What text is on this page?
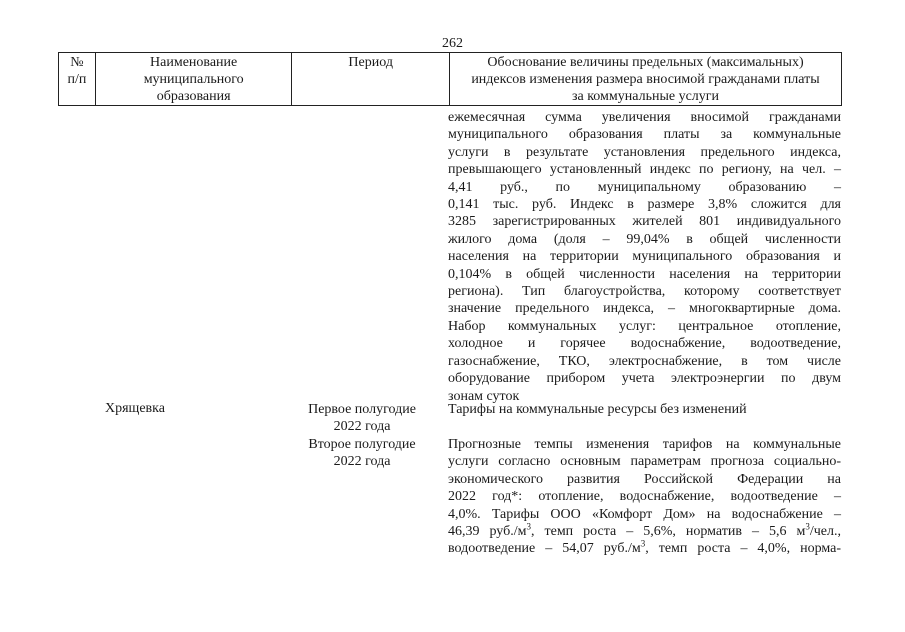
262
№
п/п
Наименование
муниципального
образования
Период	Обоснование величины предельных (максимальных)
индексов изменения размера вносимой гражданами платы
за коммунальные услуги
ежемесячная сумма увеличения вносимой гражданами
муниципального образования платы за коммунальные
услуги в результате установления предельного индекса,
превышающего установленный индекс по региону, на чел. –
4,41 руб., по муниципальному образованию –
0,141 тыс. руб. Индекс в размере 3,8% сложится для
3285 зарегистрированных жителей 801 индивидуального
жилого дома (доля – 99,04% в общей численности
населения на территории муниципального образования и
0,104% в общей численности населения на территории
региона). Тип благоустройства, которому соответствует
значение предельного индекса, – многоквартирные дома.
Набор коммунальных услуг: центральное отопление,
холодное и горячее водоснабжение, водоотведение,
газоснабжение, ТКО, электроснабжение, в том числе
оборудование прибором учета электроэнергии по двум
зонам суток
Хрящевка	Первое полугодие
2022 года
Тарифы на коммунальные ресурсы без изменений
Второе полугодие
2022 года
Прогнозные темпы изменения тарифов на коммунальные
услуги согласно основным параметрам прогноза социально-
экономического развития Российской Федерации на
2022 год*: отопление, водоснабжение, водоотведение –
4,0%. Тарифы ООО «Комфорт Дом» на водоснабжение –
46,39 $руб./м^3$, темп роста – 5,6%, норматив – 5,6 $м^3$/чел.,
водоотведение – 54,07 $руб./м^3$, темп роста – 4,0%, норма-
